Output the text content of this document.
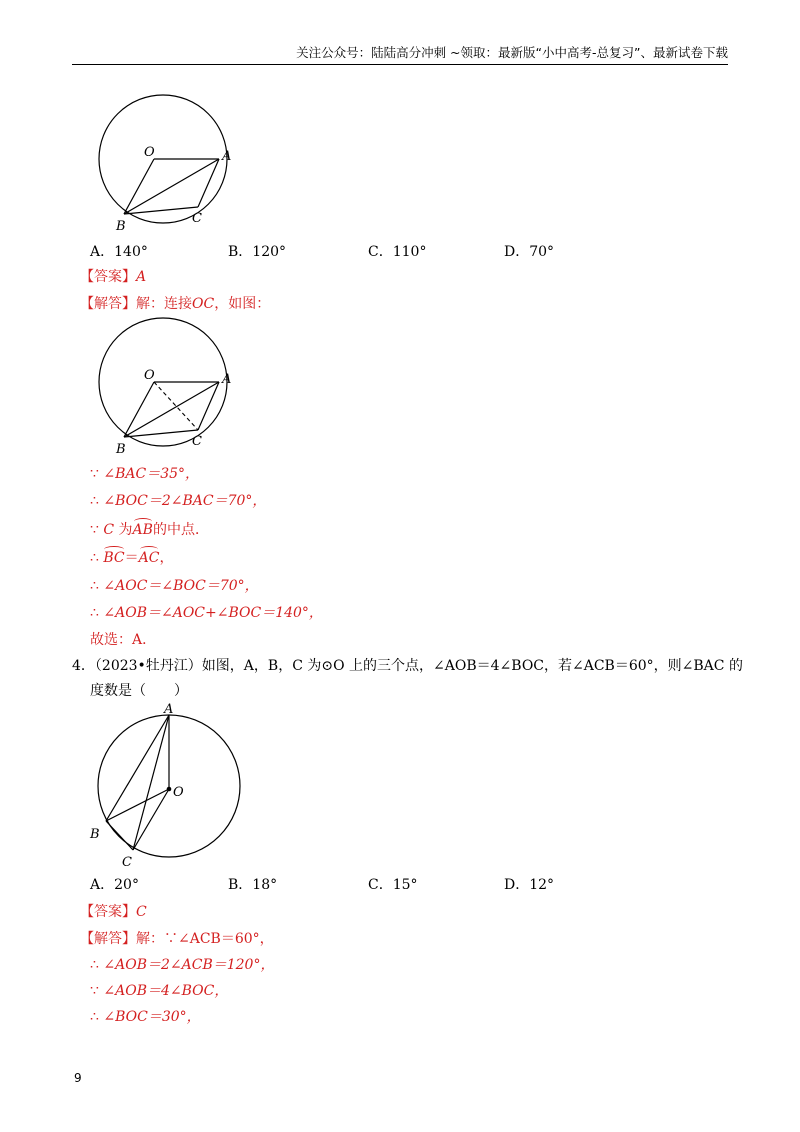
关注公众号：陆陆高分冲刺 ~领取：最新版“小中高考-总复习”、最新试卷下载
O	A
B
C
A．140°	B．120°	C．110°	D．70°
【答案】A
【解答】解：连接OC，如图：
O	A
B
C
∵ ∠BAC＝35°，
∴ ∠BOC＝2∠BAC＝70°，
∵ C 为AB的中点．
∴ BC＝AC，
∴ ∠AOC＝∠BOC＝70°，
∴ ∠AOB＝∠AOC+∠BOC＝140°，
故选：A．
4．（2023•牡丹江）如图，A，B，C 为⊙O 上的三个点，∠AOB＝4∠BOC，若∠ACB＝60°，则∠BAC 的
度数是（　　）
A
O
B
C
A．20°	B．18°	C．15°	D．12°
【答案】C
【解答】解：∵∠ACB＝60°，
∴ ∠AOB＝2∠ACB＝120°，
∵ ∠AOB＝4∠BOC，
∴ ∠BOC＝30°，
9
